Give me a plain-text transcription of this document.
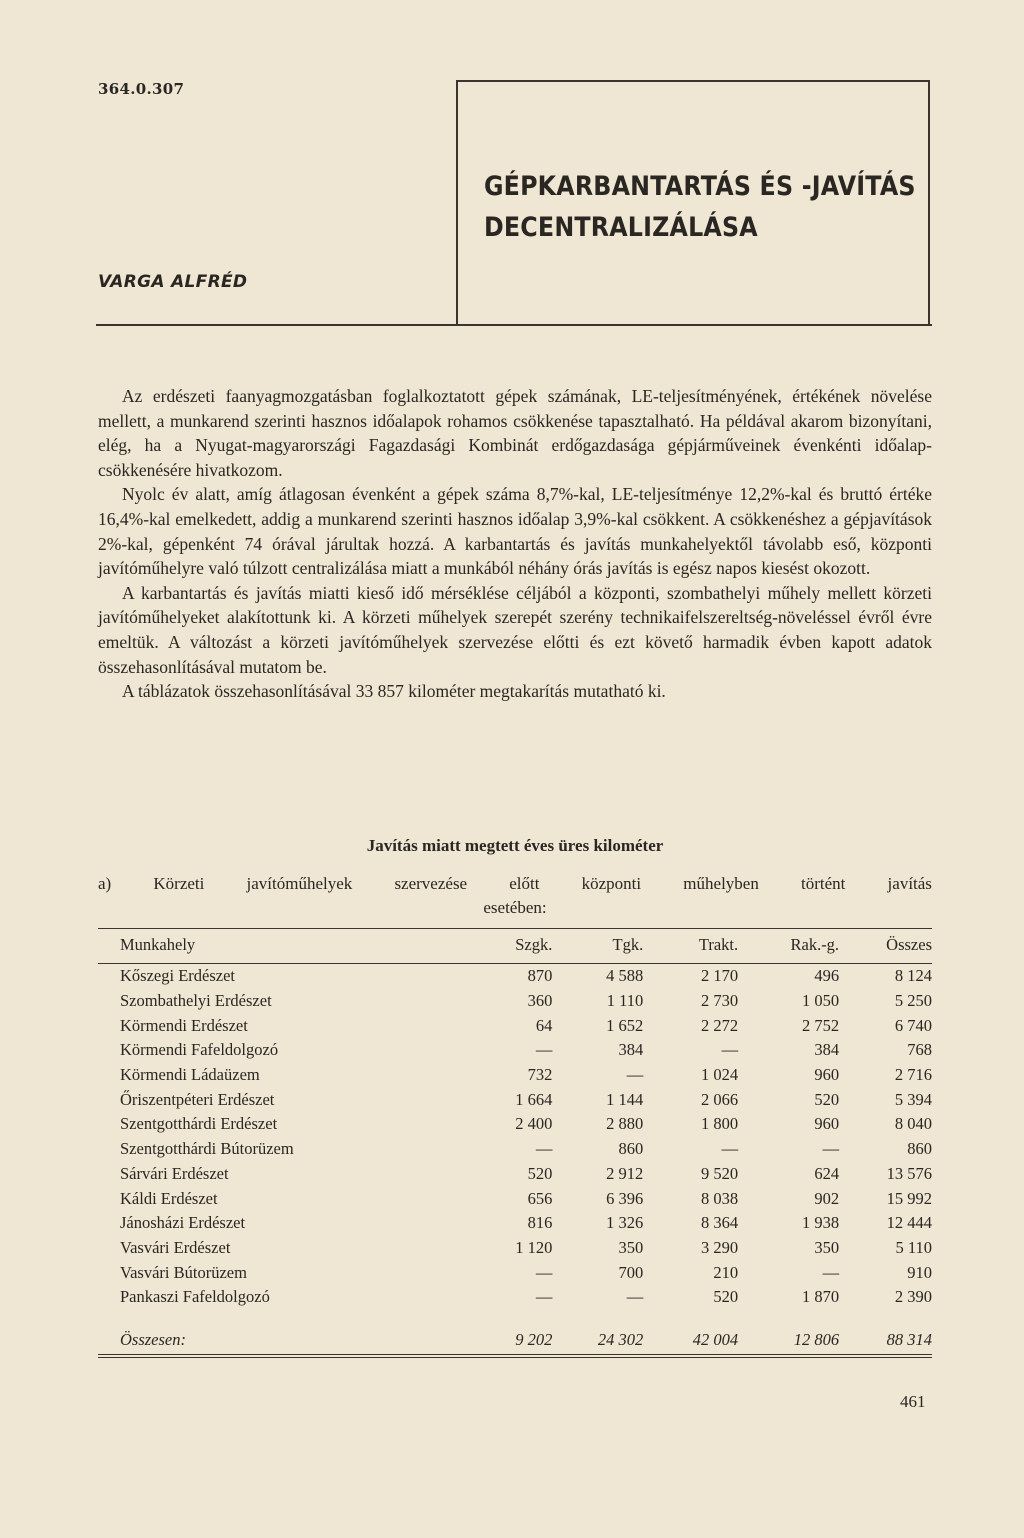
364.0.307
GÉPKARBANTARTÁS ÉS -JAVÍTÁS
DECENTRALIZÁLÁSA
VARGA ALFRÉD

Az erdészeti faanyagmozgatásban foglalkoztatott gépek számának, LE-teljesítményének, értékének növelése mellett, a munkarend szerinti hasznos időalapok rohamos csökkenése tapasztalható. Ha példával akarom bizonyítani, elég, ha a Nyugat-magyarországi Fagazdasági Kombinát erdőgazdasága gépjárműveinek évenkénti időalap-csökkenésére hivatkozom.

Nyolc év alatt, amíg átlagosan évenként a gépek száma 8,7%-kal, LE-teljesítménye 12,2%-kal és bruttó értéke 16,4%-kal emelkedett, addig a munkarend szerinti hasznos időalap 3,9%-kal csökkent. A csökkenéshez a gépjavítások 2%-kal, gépenként 74 órával járultak hozzá. A karbantartás és javítás munkahelyektől távolabb eső, központi javítóműhelyre való túlzott centralizálása miatt a munkából néhány órás javítás is egész napos kiesést okozott.

A karbantartás és javítás miatti kieső idő mérséklése céljából a központi, szombathelyi műhely mellett körzeti javítóműhelyeket alakítottunk ki. A körzeti műhelyek szerepét szerény technikaifelszereltség-növeléssel évről évre emeltük. A változást a körzeti javítóműhelyek szervezése előtti és ezt követő harmadik évben kapott adatok összehasonlításával mutatom be.

A táblázatok összehasonlításával 33 857 kilométer megtakarítás mutatható ki.

Javítás miatt megtett éves üres kilométer
a) Körzeti javítóműhelyek szervezése előtt központi műhelyben történt javítás
esetében:
Munkahely	Szgk.	Tgk.	Trakt.	Rak.-g.	Összes

Kőszegi Erdészet	870	4 588	2 170	496	8 124
Szombathelyi Erdészet	360	1 110	2 730	1 050	5 250
Körmendi Erdészet	64	1 652	2 272	2 752	6 740
Körmendi Fafeldolgozó	—	384	—	384	768
Körmendi Ládaüzem	732	—	1 024	960	2 716
Őriszentpéteri Erdészet	1 664	1 144	2 066	520	5 394
Szentgotthárdi Erdészet	2 400	2 880	1 800	960	8 040
Szentgotthárdi Bútorüzem	—	860	—	—	860
Sárvári Erdészet	520	2 912	9 520	624	13 576
Káldi Erdészet	656	6 396	8 038	902	15 992
Jánosházi Erdészet	816	1 326	8 364	1 938	12 444
Vasvári Erdészet	1 120	350	3 290	350	5 110
Vasvári Bútorüzem	—	700	210	—	910
Pankaszi Fafeldolgozó	—	—	520	1 870	2 390

Összesen:	9 202	24 302	42 004	12 806	88 314
461
